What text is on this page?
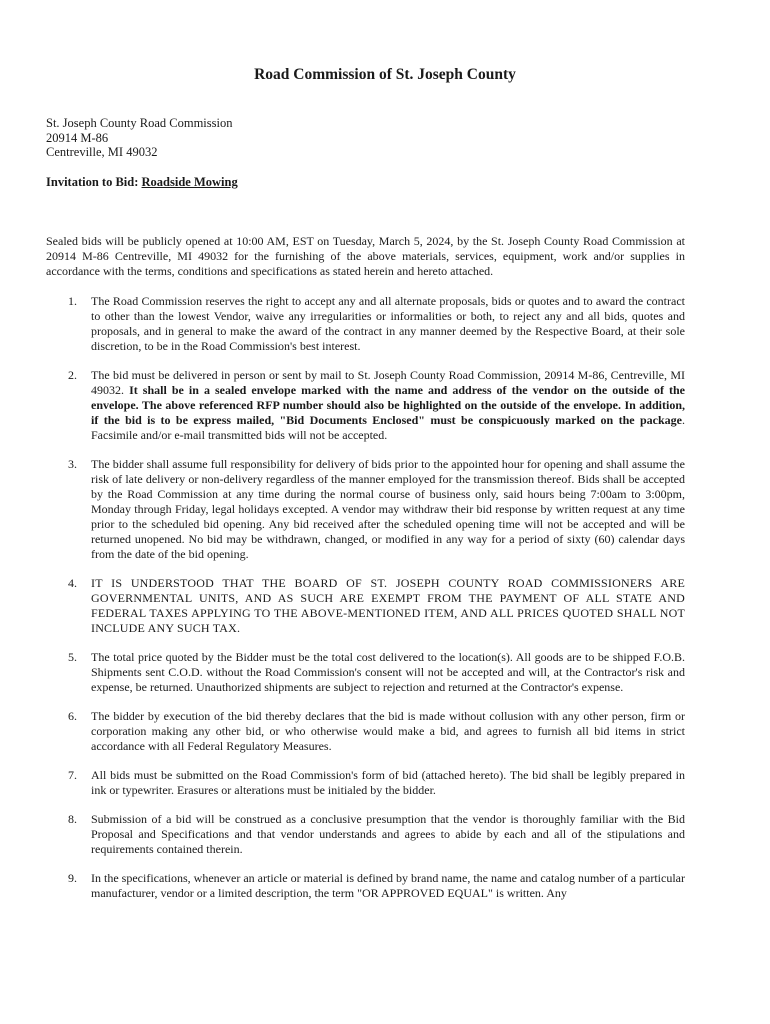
Road Commission of St. Joseph County
St. Joseph County Road Commission
20914 M-86
Centreville, MI 49032
Invitation to Bid: Roadside Mowing

Sealed bids will be publicly opened at 10:00 AM, EST on Tuesday, March 5, 2024, by the St. Joseph County Road Commission at 20914 M-86 Centreville, MI 49032 for the furnishing of the above materials, services, equipment, work and/or supplies in accordance with the terms, conditions and specifications as stated herein and hereto attached.

1. The Road Commission reserves the right to accept any and all alternate proposals, bids or quotes and to award the contract to other than the lowest Vendor, waive any irregularities or informalities or both, to reject any and all bids, quotes and proposals, and in general to make the award of the contract in any manner deemed by the Respective Board, at their sole discretion, to be in the Road Commission's best interest.
2. The bid must be delivered in person or sent by mail to St. Joseph County Road Commission, 20914 M-86, Centreville, MI 49032. It shall be in a sealed envelope marked with the name and address of the vendor on the outside of the envelope. The above referenced RFP number should also be highlighted on the outside of the envelope. In addition, if the bid is to be express mailed, "Bid Documents Enclosed" must be conspicuously marked on the package. Facsimile and/or e-mail transmitted bids will not be accepted.
3. The bidder shall assume full responsibility for delivery of bids prior to the appointed hour for opening and shall assume the risk of late delivery or non-delivery regardless of the manner employed for the transmission thereof. Bids shall be accepted by the Road Commission at any time during the normal course of business only, said hours being 7:00am to 3:00pm, Monday through Friday, legal holidays excepted. A vendor may withdraw their bid response by written request at any time prior to the scheduled bid opening. Any bid received after the scheduled opening time will not be accepted and will be returned unopened. No bid may be withdrawn, changed, or modified in any way for a period of sixty (60) calendar days from the date of the bid opening.
4. IT IS UNDERSTOOD THAT THE BOARD OF ST. JOSEPH COUNTY ROAD COMMISSIONERS ARE GOVERNMENTAL UNITS, AND AS SUCH ARE EXEMPT FROM THE PAYMENT OF ALL STATE AND FEDERAL TAXES APPLYING TO THE ABOVE-MENTIONED ITEM, AND ALL PRICES QUOTED SHALL NOT INCLUDE ANY SUCH TAX.
5. The total price quoted by the Bidder must be the total cost delivered to the location(s). All goods are to be shipped F.O.B. Shipments sent C.O.D. without the Road Commission's consent will not be accepted and will, at the Contractor's risk and expense, be returned. Unauthorized shipments are subject to rejection and returned at the Contractor's expense.
6. The bidder by execution of the bid thereby declares that the bid is made without collusion with any other person, firm or corporation making any other bid, or who otherwise would make a bid, and agrees to furnish all bid items in strict accordance with all Federal Regulatory Measures.
7. All bids must be submitted on the Road Commission's form of bid (attached hereto). The bid shall be legibly prepared in ink or typewriter. Erasures or alterations must be initialed by the bidder.
8. Submission of a bid will be construed as a conclusive presumption that the vendor is thoroughly familiar with the Bid Proposal and Specifications and that vendor understands and agrees to abide by each and all of the stipulations and requirements contained therein.
9. In the specifications, whenever an article or material is defined by brand name, the name and catalog number of a particular manufacturer, vendor or a limited description, the term "OR APPROVED EQUAL" is written. Any
